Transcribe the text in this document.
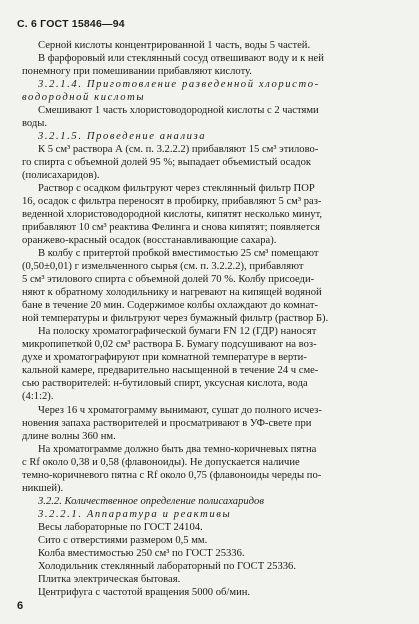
С. 6 ГОСТ 15846—94
Серной кислоты концентрированной 1 часть, воды 5 частей.
В фарфоровый или стеклянный сосуд отвешивают воду и к ней
понемногу при помешивании прибавляют кислоту.
3.2.1.4. Приготовление разведенной хлористо-
водородной кислоты
Смешивают 1 часть хлористоводородной кислоты с 2 частями
воды.
3.2.1.5. Проведение анализа
К 5 см³ раствора А (см. п. 3.2.2.2) прибавляют 15 см³ этилово-
го спирта с объемной долей 95 %; выпадает объемистый осадок
(полисахаридов).
Раствор с осадком фильтруют через стеклянный фильтр ПОР
16, осадок с фильтра переносят в пробирку, прибавляют 5 см³ раз-
веденной хлористоводородной кислоты, кипятят несколько минут,
прибавляют 10 см³ реактива Фелинга и снова кипятят; появляется
оранжево-красный осадок (восстанавливающие сахара).
В колбу с притертой пробкой вместимостью 25 см³ помещают
(0,50±0,01) г измельченного сырья (см. п. 3.2.2.2), прибавляют
5 см³ этилового спирта с объемной долей 70 %. Колбу присоеди-
няют к обратному холодильнику и нагревают на кипящей водяной
бане в течение 20 мин. Содержимое колбы охлаждают до комнат-
ной температуры и фильтруют через бумажный фильтр (раствор Б).
На полоску хроматографической бумаги FN 12 (ГДР) наносят
микропипеткой 0,02 см³ раствора Б. Бумагу подсушивают на воз-
духе и хроматографируют при комнатной температуре в верти-
кальной камере, предварительно насыщенной в течение 24 ч сме-
сью растворителей: н-бутиловый спирт, уксусная кислота, вода
(4:1:2).
Через 16 ч хроматограмму вынимают, сушат до полного исчез-
новения запаха растворителей и просматривают в УФ-свете при
длине волны 360 нм.
На хроматограмме должно быть два темно-коричневых пятна
с Rf около 0,38 и 0,58 (флавоноиды). Не допускается наличие
темно-коричневого пятна с Rf около 0,75 (флавоноиды череды по-
никшей).
3.2.2. Количественное определение полисахаридов
3.2.2.1. Аппаратура и реактивы
Весы лабораторные по ГОСТ 24104.
Сито с отверстиями размером 0,5 мм.
Колба вместимостью 250 см³ по ГОСТ 25336.
Холодильник стеклянный лабораторный по ГОСТ 25336.
Плитка электрическая бытовая.
Центрифуга с частотой вращения 5000 об/мин.
6
